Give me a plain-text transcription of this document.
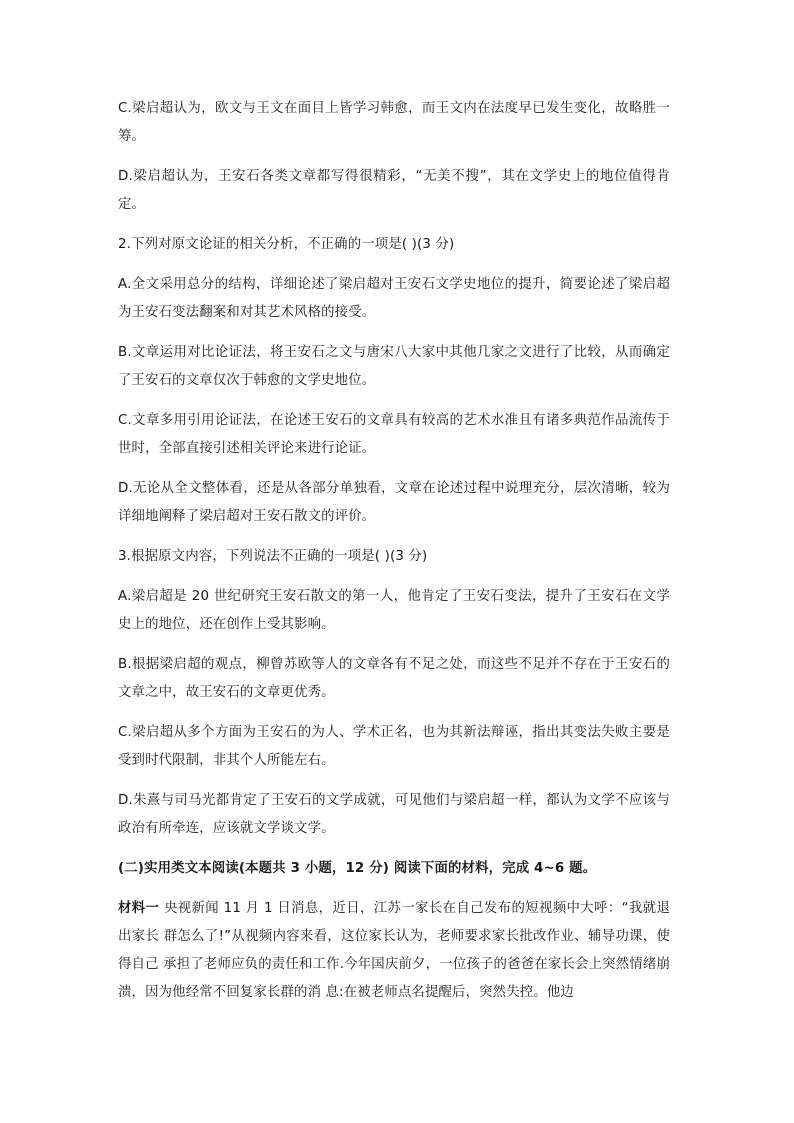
C.梁启超认为，欧文与王文在面目上皆学习韩愈，而王文内在法度早已发生变化，故略胜一筹。

D.梁启超认为，王安石各类文章都写得很精彩，“无美不搜”，其在文学史上的地位值得肯定。

2.下列对原文论证的相关分析，不正确的一项是( )(3 分)

A.全文采用总分的结构，详细论述了梁启超对王安石文学史地位的提升，简要论述了梁启超为王安石变法翻案和对其艺术风格的接受。

B.文章运用对比论证法，将王安石之文与唐宋八大家中其他几家之文进行了比较，从而确定了王安石的文章仅次于韩愈的文学史地位。

C.文章多用引用论证法，在论述王安石的文章具有较高的艺术水准且有诸多典范作品流传于世时，全部直接引述相关评论来进行论证。

D.无论从全文整体看，还是从各部分单独看，文章在论述过程中说理充分，层次清晰，较为详细地阐释了梁启超对王安石散文的评价。

3.根据原文内容，下列说法不正确的一项是( )(3 分)

A.梁启超是 20 世纪研究王安石散文的第一人，他肯定了王安石变法，提升了王安石在文学史上的地位，还在创作上受其影响。

B.根据梁启超的观点，柳曾苏欧等人的文章各有不足之处，而这些不足并不存在于王安石的文章之中，故王安石的文章更优秀。

C.梁启超从多个方面为王安石的为人、学术正名，也为其新法辩诬，指出其变法失败主要是受到时代限制，非其个人所能左右。

D.朱熹与司马光都肯定了王安石的文学成就，可见他们与梁启超一样，都认为文学不应该与政治有所牵连，应该就文学谈文学。

(二)实用类文本阅读(本题共 3 小题，12 分) 阅读下面的材料，完成 4~6 题。

材料一 央视新闻 11 月 1 日消息，近日，江苏一家长在自己发布的短视频中大呼：“我就退出家长 群怎么了!”从视频内容来看，这位家长认为，老师要求家长批改作业、辅导功课，使得自己 承担了老师应负的责任和工作.今年国庆前夕，一位孩子的爸爸在家长会上突然情绪崩溃，因为他经常不回复家长群的消 息:在被老师点名提醒后，突然失控。他边
